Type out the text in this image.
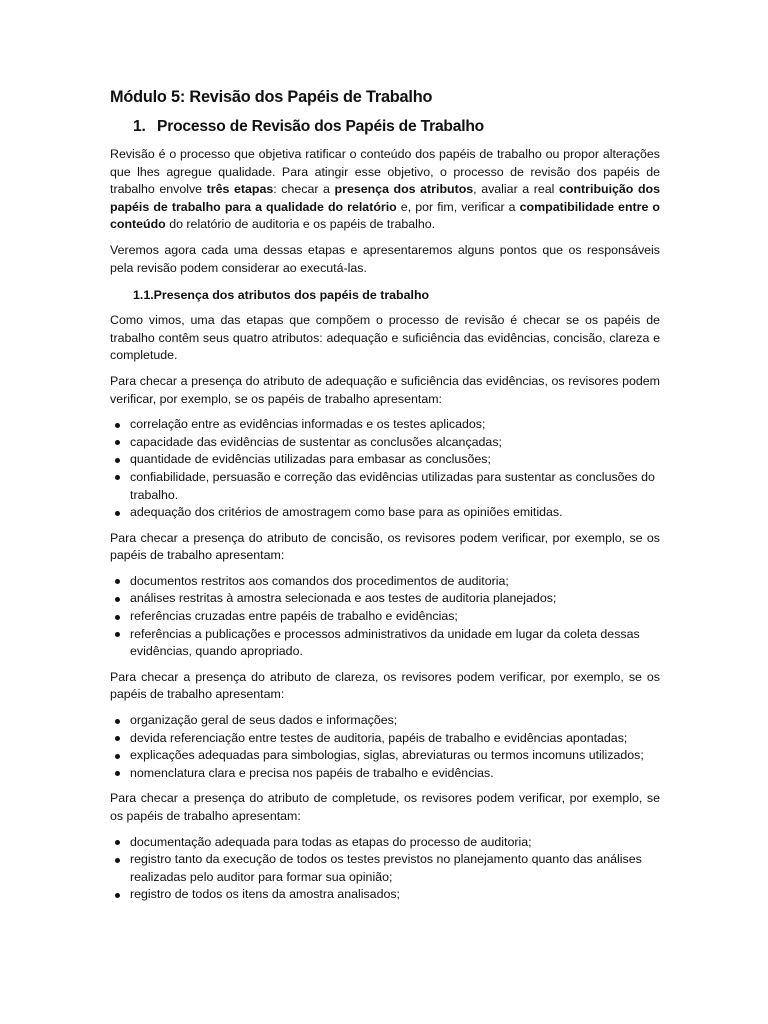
Módulo 5: Revisão dos Papéis de Trabalho
1. Processo de Revisão dos Papéis de Trabalho

Revisão é o processo que objetiva ratificar o conteúdo dos papéis de trabalho ou propor alterações que lhes agregue qualidade. Para atingir esse objetivo, o processo de revisão dos papéis de trabalho envolve três etapas: checar a presença dos atributos, avaliar a real contribuição dos papéis de trabalho para a qualidade do relatório e, por fim, verificar a compatibilidade entre o conteúdo do relatório de auditoria e os papéis de trabalho.

Veremos agora cada uma dessas etapas e apresentaremos alguns pontos que os responsáveis pela revisão podem considerar ao executá-las.

1.1.Presença dos atributos dos papéis de trabalho

Como vimos, uma das etapas que compõem o processo de revisão é checar se os papéis de trabalho contêm seus quatro atributos: adequação e suficiência das evidências, concisão, clareza e completude.

Para checar a presença do atributo de adequação e suficiência das evidências, os revisores podem verificar, por exemplo, se os papéis de trabalho apresentam:

correlação entre as evidências informadas e os testes aplicados;
capacidade das evidências de sustentar as conclusões alcançadas;
quantidade de evidências utilizadas para embasar as conclusões;
confiabilidade, persuasão e correção das evidências utilizadas para sustentar as conclusões do trabalho.
adequação dos critérios de amostragem como base para as opiniões emitidas.

Para checar a presença do atributo de concisão, os revisores podem verificar, por exemplo, se os papéis de trabalho apresentam:

documentos restritos aos comandos dos procedimentos de auditoria;
análises restritas à amostra selecionada e aos testes de auditoria planejados;
referências cruzadas entre papéis de trabalho e evidências;
referências a publicações e processos administrativos da unidade em lugar da coleta dessas evidências, quando apropriado.

Para checar a presença do atributo de clareza, os revisores podem verificar, por exemplo, se os papéis de trabalho apresentam:

organização geral de seus dados e informações;
devida referenciação entre testes de auditoria, papéis de trabalho e evidências apontadas;
explicações adequadas para simbologias, siglas, abreviaturas ou termos incomuns utilizados;
nomenclatura clara e precisa nos papéis de trabalho e evidências.

Para checar a presença do atributo de completude, os revisores podem verificar, por exemplo, se os papéis de trabalho apresentam:

documentação adequada para todas as etapas do processo de auditoria;
registro tanto da execução de todos os testes previstos no planejamento quanto das análises realizadas pelo auditor para formar sua opinião;
registro de todos os itens da amostra analisados;
